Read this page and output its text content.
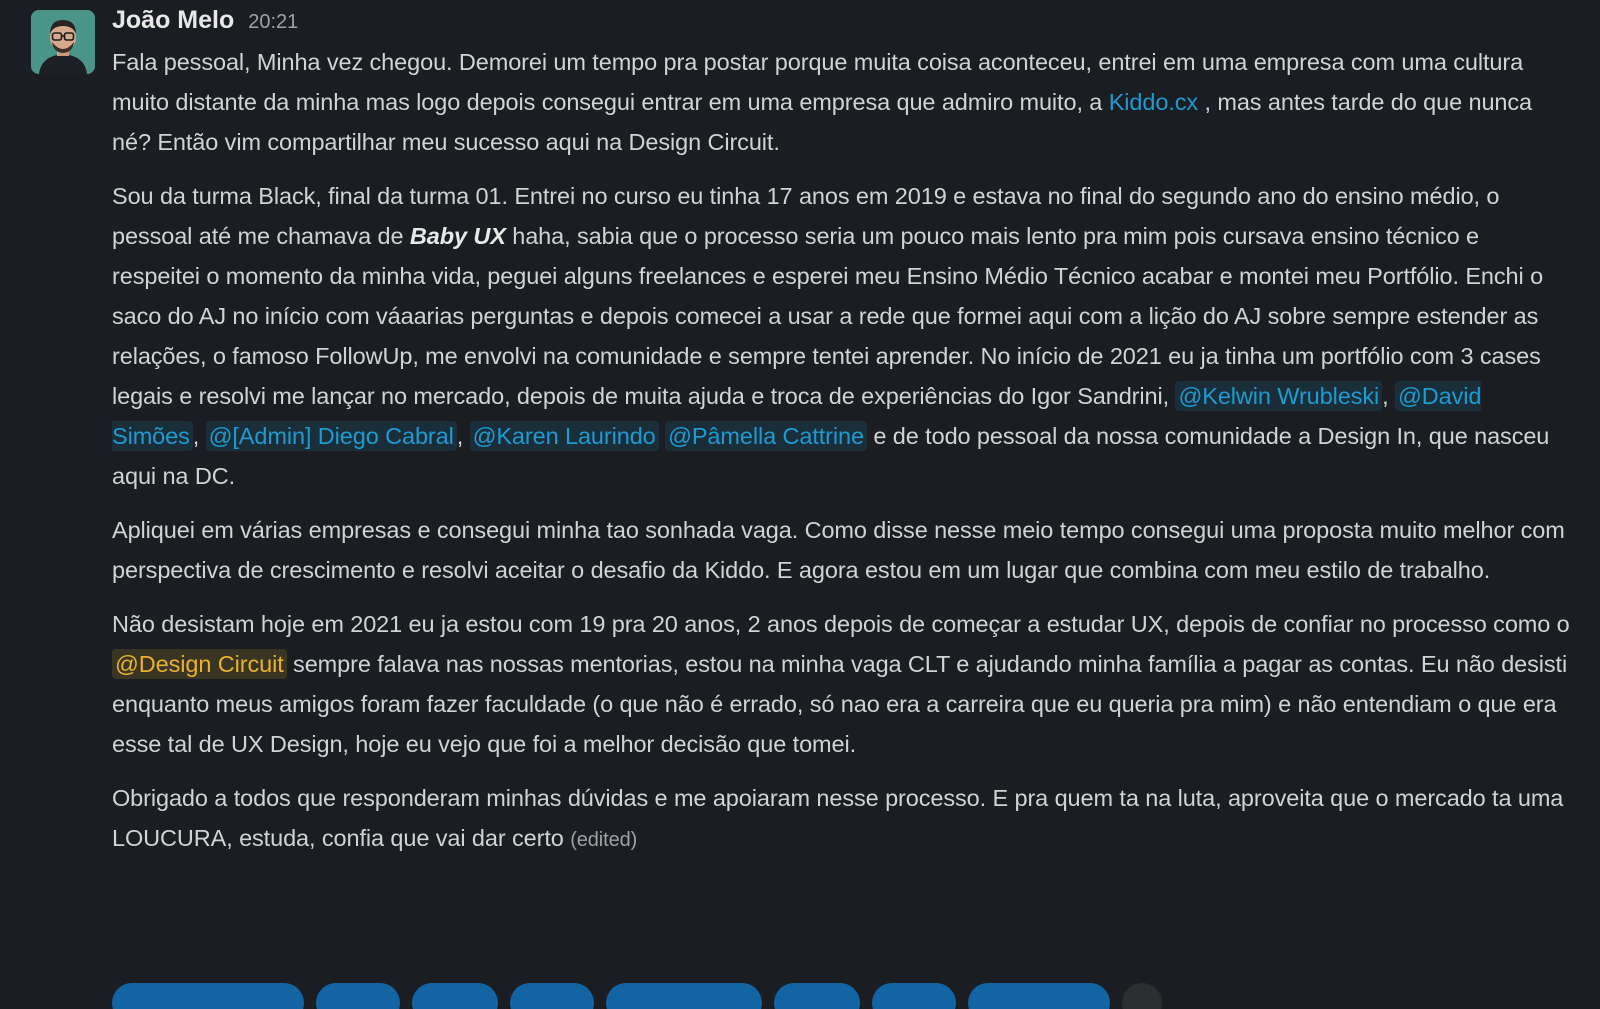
João Melo 20:21

Fala pessoal, Minha vez chegou. Demorei um tempo pra postar porque muita coisa aconteceu, entrei em uma empresa com uma cultura muito distante da minha mas logo depois consegui entrar em uma empresa que admiro muito, a Kiddo.cx , mas antes tarde do que nunca né? Então vim compartilhar meu sucesso aqui na Design Circuit.

Sou da turma Black, final da turma 01. Entrei no curso eu tinha 17 anos em 2019 e estava no final do segundo ano do ensino médio, o pessoal até me chamava de Baby UX haha, sabia que o processo seria um pouco mais lento pra mim pois cursava ensino técnico e respeitei o momento da minha vida, peguei alguns freelances e esperei meu Ensino Médio Técnico acabar e montei meu Portfólio. Enchi o saco do AJ no início com váaarias perguntas e depois comecei a usar a rede que formei aqui com a lição do AJ sobre sempre estender as relações, o famoso FollowUp, me envolvi na comunidade e sempre tentei aprender. No início de 2021 eu ja tinha um portfólio com 3 cases legais e resolvi me lançar no mercado, depois de muita ajuda e troca de experiências do Igor Sandrini, @Kelwin Wrubleski , @David Simões , @[Admin] Diego Cabral , @Karen Laurindo @Pâmella Cattrine e de todo pessoal da nossa comunidade a Design In, que nasceu aqui na DC.

Apliquei em várias empresas e consegui minha tao sonhada vaga. Como disse nesse meio tempo consegui uma proposta muito melhor com perspectiva de crescimento e resolvi aceitar o desafio da Kiddo. E agora estou em um lugar que combina com meu estilo de trabalho.

Não desistam hoje em 2021 eu ja estou com 19 pra 20 anos, 2 anos depois de começar a estudar UX, depois de confiar no processo como o @Design Circuit sempre falava nas nossas mentorias, estou na minha vaga CLT e ajudando minha família a pagar as contas. Eu não desisti enquanto meus amigos foram fazer faculdade (o que não é errado, só nao era a carreira que eu queria pra mim) e não entendiam o que era esse tal de UX Design, hoje eu vejo que foi a melhor decisão que tomei.

Obrigado a todos que responderam minhas dúvidas e me apoiaram nesse processo. E pra quem ta na luta, aproveita que o mercado ta uma LOUCURA, estuda, confia que vai dar certo (edited)
